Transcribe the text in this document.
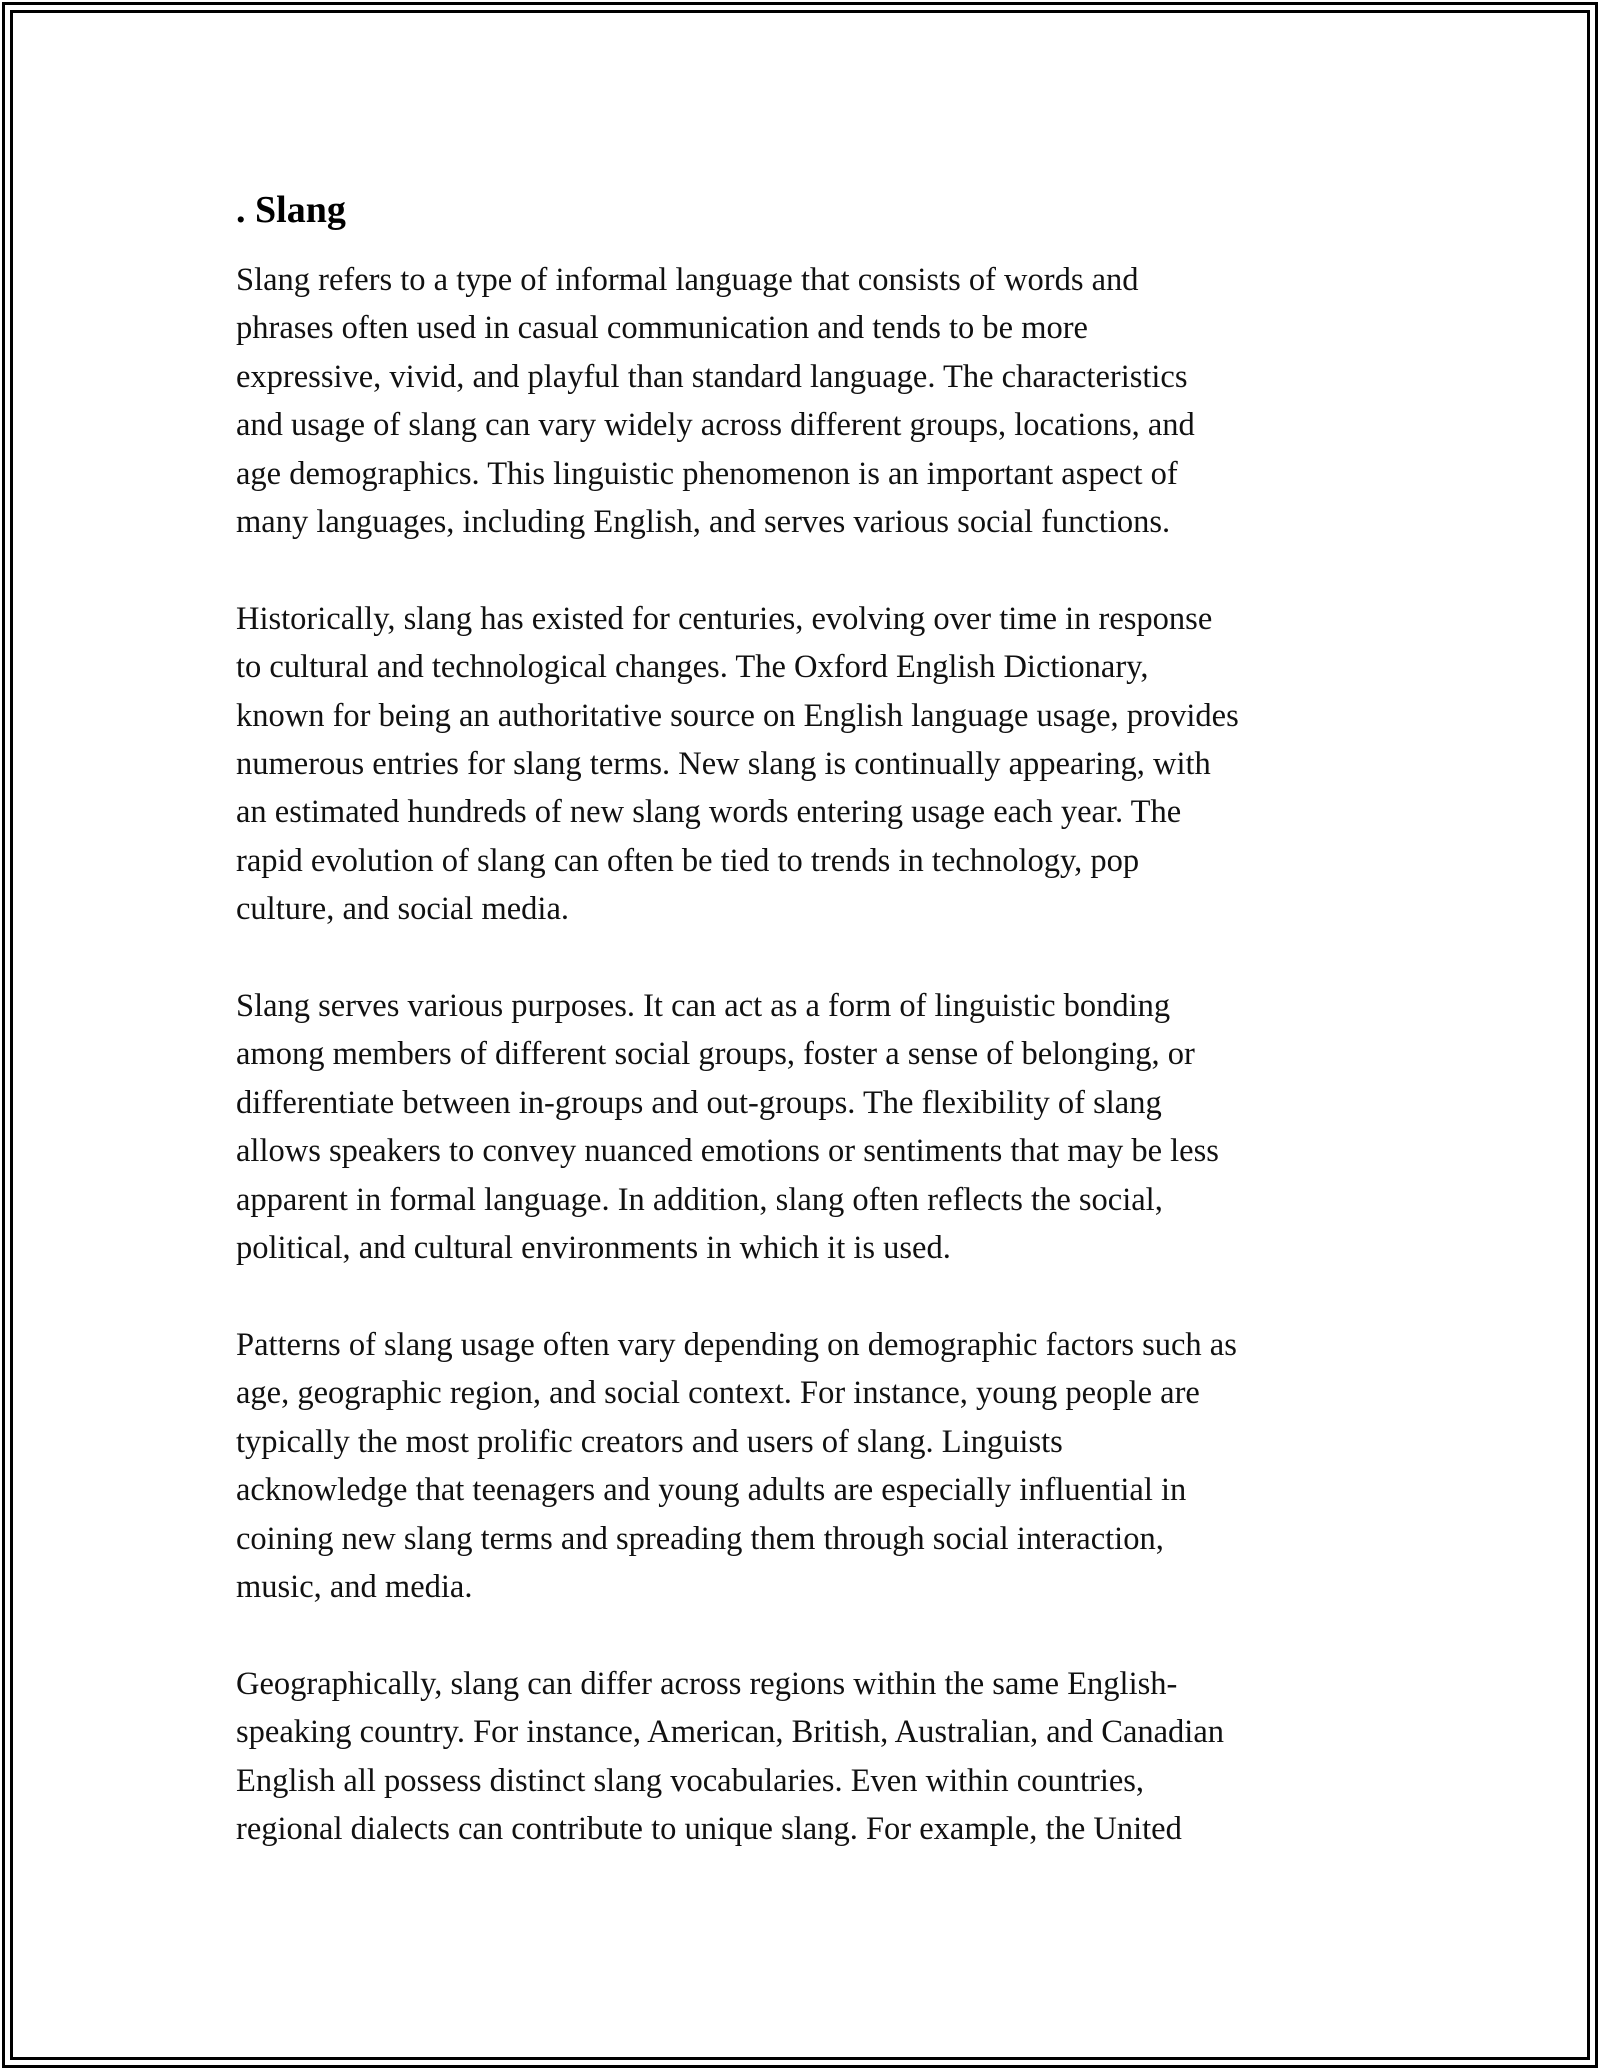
. Slang

Slang refers to a type of informal language that consists of words and
phrases often used in casual communication and tends to be more
expressive, vivid, and playful than standard language. The characteristics
and usage of slang can vary widely across different groups, locations, and
age demographics. This linguistic phenomenon is an important aspect of
many languages, including English, and serves various social functions.

Historically, slang has existed for centuries, evolving over time in response
to cultural and technological changes. The Oxford English Dictionary,
known for being an authoritative source on English language usage, provides
numerous entries for slang terms. New slang is continually appearing, with
an estimated hundreds of new slang words entering usage each year. The
rapid evolution of slang can often be tied to trends in technology, pop
culture, and social media.

Slang serves various purposes. It can act as a form of linguistic bonding
among members of different social groups, foster a sense of belonging, or
differentiate between in-groups and out-groups. The flexibility of slang
allows speakers to convey nuanced emotions or sentiments that may be less
apparent in formal language. In addition, slang often reflects the social,
political, and cultural environments in which it is used.

Patterns of slang usage often vary depending on demographic factors such as
age, geographic region, and social context. For instance, young people are
typically the most prolific creators and users of slang. Linguists
acknowledge that teenagers and young adults are especially influential in
coining new slang terms and spreading them through social interaction,
music, and media.

Geographically, slang can differ across regions within the same English-
speaking country. For instance, American, British, Australian, and Canadian
English all possess distinct slang vocabularies. Even within countries,
regional dialects can contribute to unique slang. For example, the United
